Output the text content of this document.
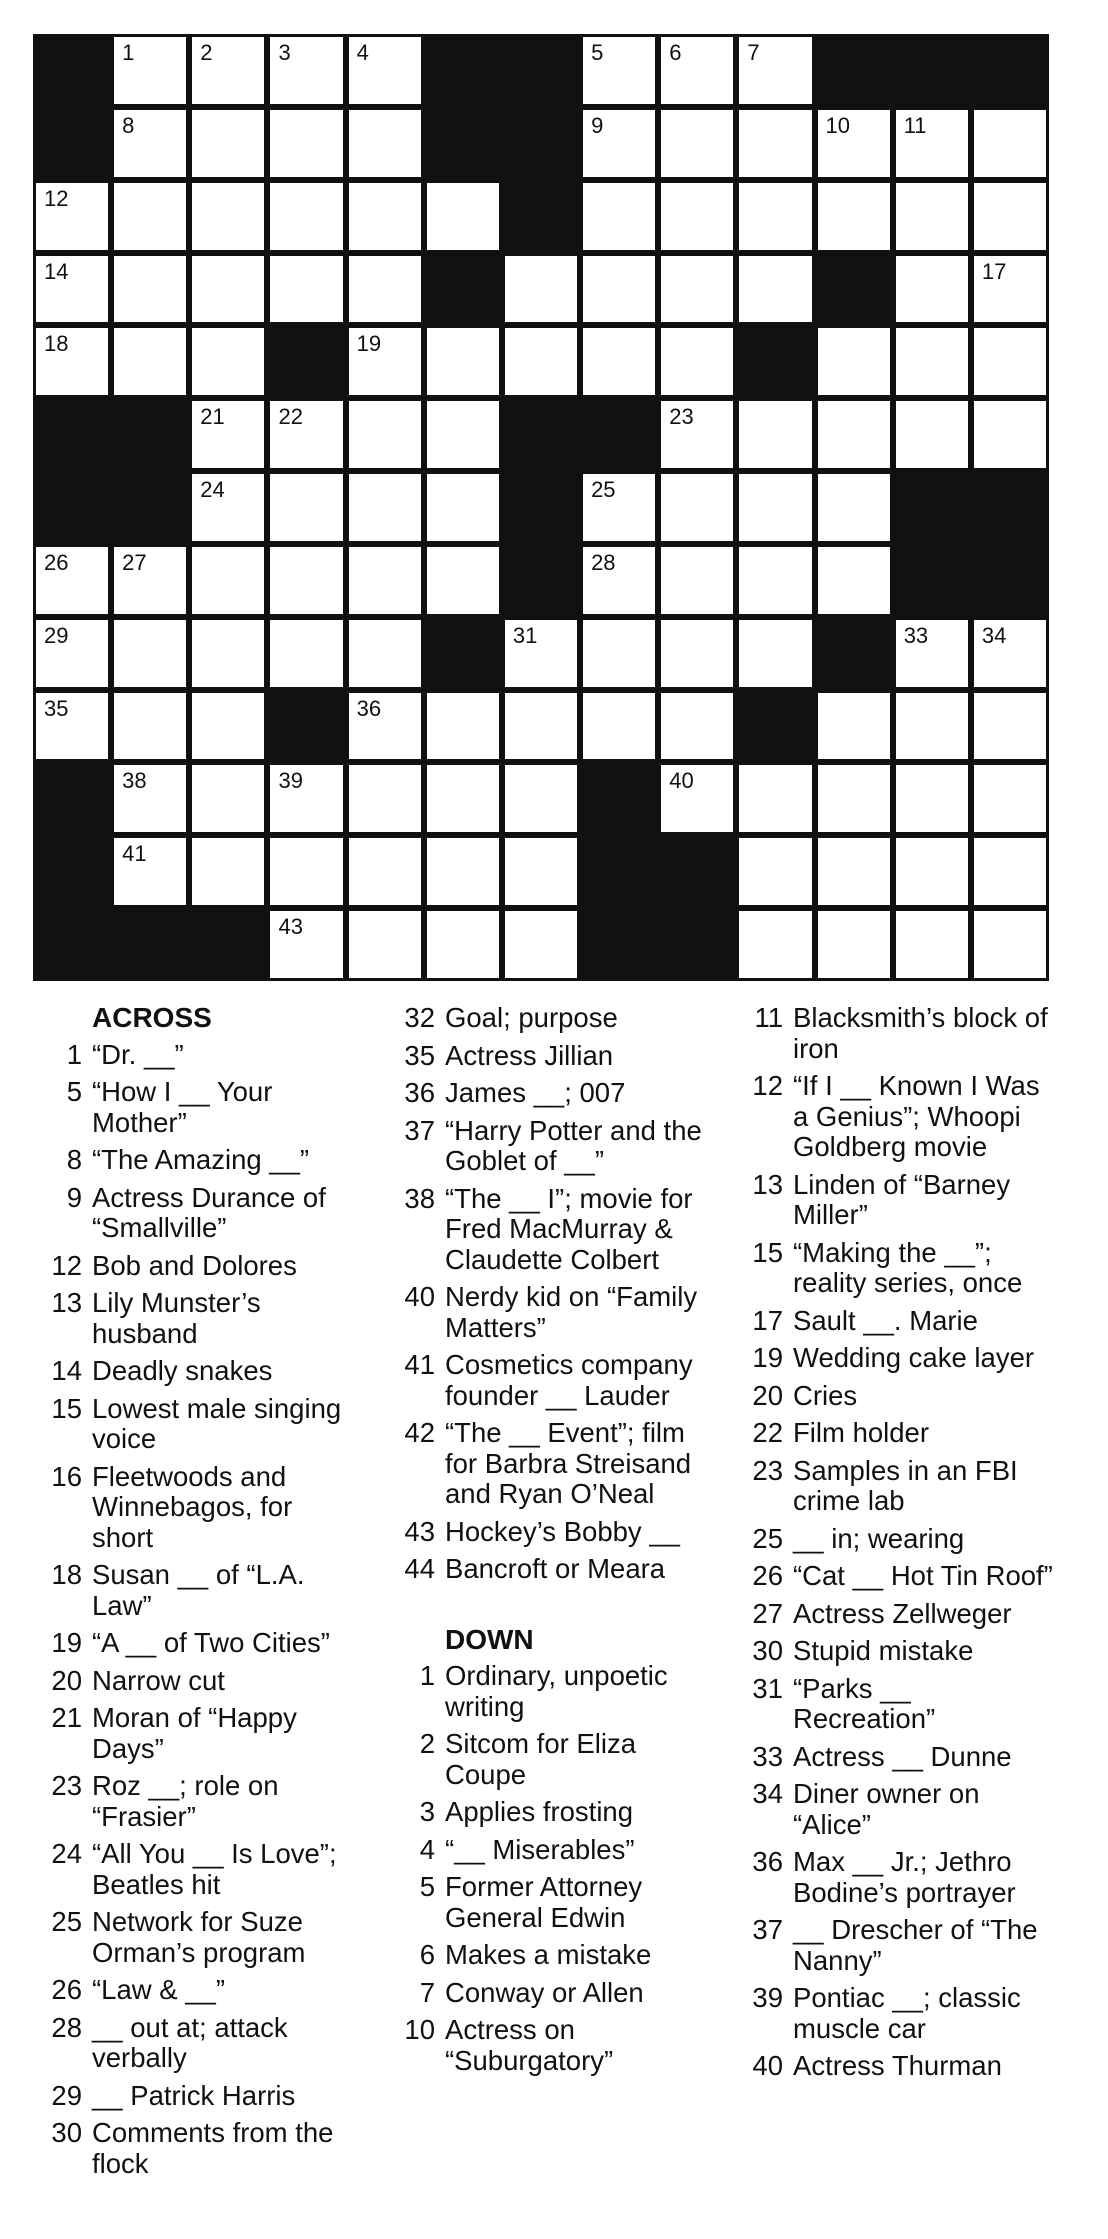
1	2	3	4	5	6	7
8	9	10 11
12
14	17
18	19
21 22	23
24	25
26 27	28
29	31	33 34
35	36
38	39	40
41
43
ACROSS
1 “Dr. __”
5 “How I __ Your Mother”
8 “The Amazing __”
9 Actress Durance of “Smallville”
12 Bob and Dolores
13 Lily Munster’s husband
14 Deadly snakes
15 Lowest male singing voice
16 Fleetwoods and Winnebagos, for short
18 Susan __ of “L.A. Law”
19 “A __ of Two Cities”
20 Narrow cut
21 Moran of “Happy Days”
23 Roz __; role on “Frasier”
24 “All You __ Is Love”; Beatles hit
25 Network for Suze Orman’s program
26 “Law & __”
28 __ out at; attack verbally
29 __ Patrick Harris
30 Comments from the flock
32 Goal; purpose
35 Actress Jillian
36 James __; 007
37 “Harry Potter and the Goblet of __”
38 “The __ I”; movie for Fred MacMurray & Claudette Colbert
40 Nerdy kid on “Family Matters”
41 Cosmetics company founder __ Lauder
42 “The __ Event”; film for Barbra Streisand and Ryan O’Neal
43 Hockey’s Bobby __
44 Bancroft or Meara
DOWN
1 Ordinary, unpoetic writing
2 Sitcom for Eliza Coupe
3 Applies frosting
4 “__ Miserables”
5 Former Attorney General Edwin
6 Makes a mistake
7 Conway or Allen
10 Actress on “Suburgatory”
11 Blacksmith’s block of iron
12 “If I __ Known I Was a Genius”; Whoopi Goldberg movie
13 Linden of “Barney Miller”
15 “Making the __”; reality series, once
17 Sault __. Marie
19 Wedding cake layer
20 Cries
22 Film holder
23 Samples in an FBI crime lab
25 __ in; wearing
26 “Cat __ Hot Tin Roof”
27 Actress Zellweger
30 Stupid mistake
31 “Parks __ Recreation”
33 Actress __ Dunne
34 Diner owner on “Alice”
36 Max __ Jr.; Jethro Bodine’s portrayer
37 __ Drescher of “The Nanny”
39 Pontiac __; classic muscle car
40 Actress Thurman
